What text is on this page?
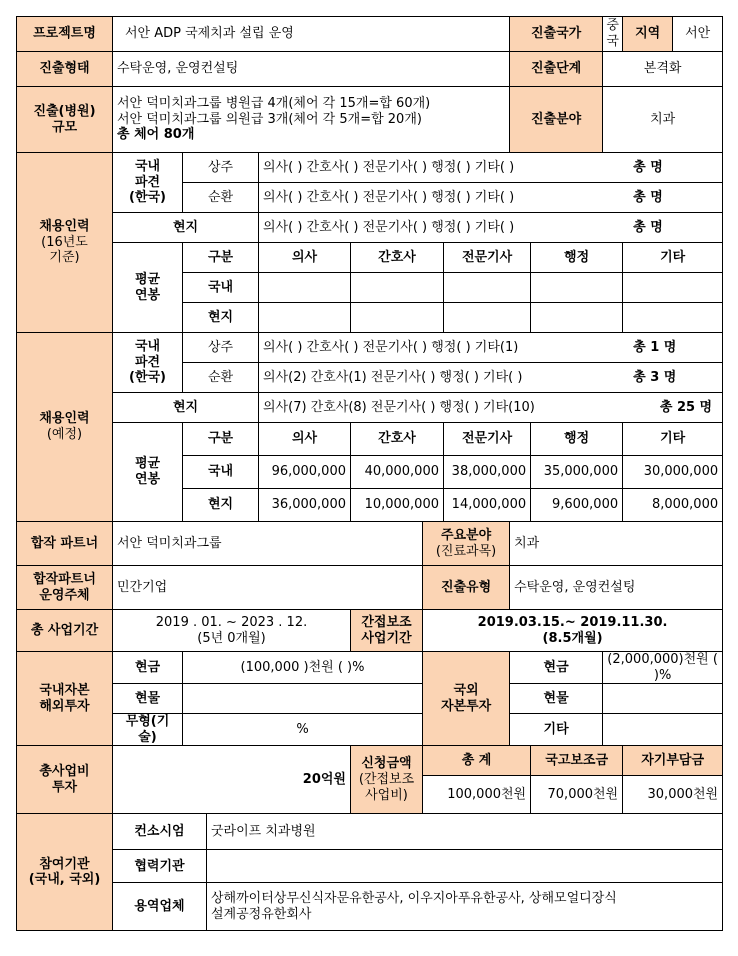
프로젝트명	서안 ADP 국제치과 설립 운영							진출국가		중국	지역	서안
진출형태	수탁운영, 운영컨설팅							진출단계		본격화		

진출(병원)
규모	서안 덕미치과그룹 병원급 4개(체어 각 15개=합 60개)
서안 덕미치과그룹 의원급 3개(체어 각 5개=합 20개)
총 체어 80개							진출분야		치과		

채용인력
(16년도
기준)	국내
파견
(한국)	상주		의사( ) 간호사( ) 전문기사( ) 행정( ) 기타( ) 총 명								

		순환		의사( ) 간호사( ) 전문기사( ) 행정( ) 기타( ) 총 명								

	현지			의사( ) 간호사( ) 전문기사( ) 행정( ) 기타( ) 총 명								

	평균
연봉	구분		의사	간호사		전문기사		행정		기타	
		국내										
		현지										

채용인력
(예정)	국내
파견
(한국)	상주		의사( ) 간호사( ) 전문기사( ) 행정( ) 기타(1) 총 1 명								

		순환		의사(2) 간호사(1) 전문기사( ) 행정( ) 기타( ) 총 3 명								

	현지			의사(7) 간호사(8) 전문기사( ) 행정( ) 기타(10) 총 25 명								

	평균
연봉	구분		의사	간호사		전문기사		행정		기타	
		국내		96,000,000	40,000,000		38,000,000		35,000,000		30,000,000	
		현지		36,000,000	10,000,000		14,000,000		9,600,000		8,000,000	
합작 파트너	서안 덕미치과그룹					주요분야
(진료과목)		치과				

합작파트너
운영주체	민간기업					진출유형		수탁운영, 운영컨설팅				
총 사업기간	2019 . 01. ~ 2023 . 12.
(5년 0개월)				간접보조
사업기간	2019.03.15.~ 2019.11.30.
(8.5개월)						

국내자본
해외투자	현금	(100,000 )천원 ( )%				국외
자본투자		현금		(2,000,000)천원 ( )%		
	현물							현물				
	무형(기술)	%						기타				

총사업비
투자	20억원				신청금액
(간접보조
사업비)	총 계			국고보조금		자기부담금	
						100,000천원			70,000천원		30,000천원	

참여기관
(국내, 국외)	컨소시엄		굿라이프 치과병원									
	협력기관											
	용역업체		상해까이터상무신식자문유한공사, 이우지아푸유한공사, 상해모얼디장식
설계공정유한회사									
